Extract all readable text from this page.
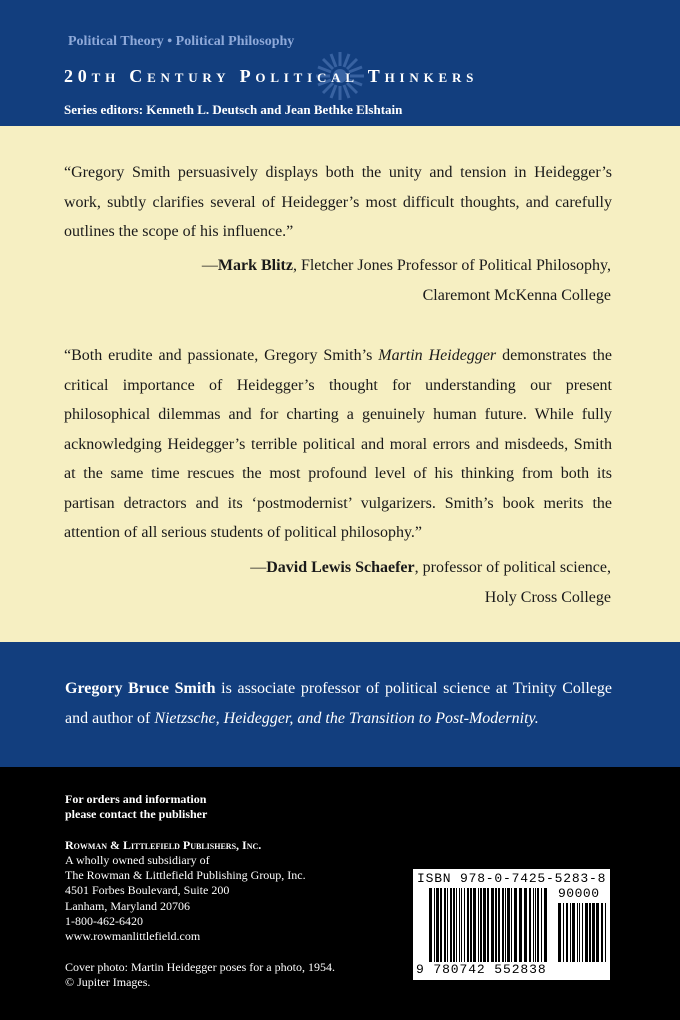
Political Theory • Political Philosophy
20th Century Political Thinkers
Series editors: Kenneth L. Deutsch and Jean Bethke Elshtain
“Gregory Smith persuasively displays both the unity and tension in Heidegger’s work, subtly clarifies several of Heidegger’s most difficult thoughts, and carefully outlines the scope of his influence.”
—Mark Blitz, Fletcher Jones Professor of Political Philosophy,
Claremont McKenna College
“Both erudite and passionate, Gregory Smith’s Martin Heidegger demonstrates the critical importance of Heidegger’s thought for understanding our present philosophical dilemmas and for charting a genuinely human future. While fully acknowledging Heidegger’s terrible political and moral errors and misdeeds, Smith at the same time rescues the most profound level of his thinking from both its partisan detractors and its ‘postmodernist’ vulgarizers. Smith’s book merits the attention of all serious students of political philosophy.”
—David Lewis Schaefer, professor of political science,
Holy Cross College
Gregory Bruce Smith is associate professor of political science at Trinity College and author of Nietzsche, Heidegger, and the Transition to Post-Modernity.
For orders and information
please contact the publisher
Rowman & Littlefield Publishers, Inc.
A wholly owned subsidiary of
The Rowman & Littlefield Publishing Group, Inc.
4501 Forbes Boulevard, Suite 200
Lanham, Maryland 20706
1-800-462-6420
www.rowmanlittlefield.com
Cover photo: Martin Heidegger poses for a photo, 1954.
© Jupiter Images.
ISBN 978-0-7425-5283-8
90000
9 780742 552838
